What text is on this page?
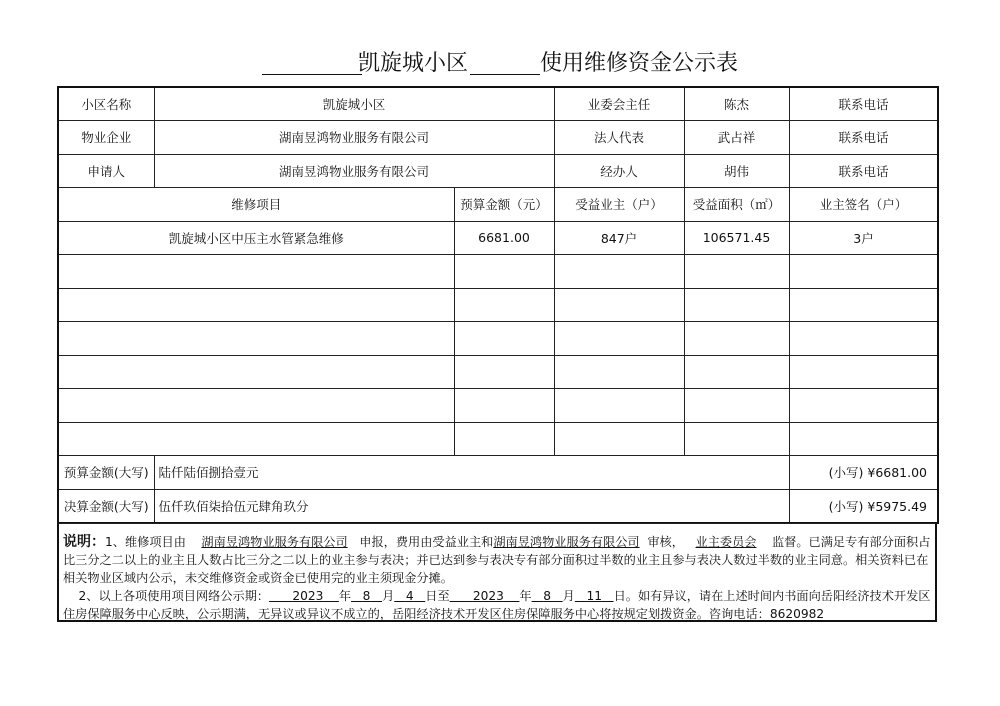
凯旋城小区	使用维修资金公示表
小区名称	凯旋城小区		业委会主任	陈杰	联系电话	
物业企业	湖南昱鸿物业服务有限公司		法人代表	武占祥	联系电话	
申请人	湖南昱鸿物业服务有限公司		经办人	胡伟	联系电话	
维修项目		预算金额（元）	受益业主（户）	受益面积（㎡）	业主签名（户）	
凯旋城小区中压主水管紧急维修		6681.00	847户	106571.45	3户	

预算金额(大写)	陆仟陆佰捌拾壹元				(小写) ¥6681.00	
决算金额(大写)	伍仟玖佰柒拾伍元肆角玖分				(小写) ¥5975.49	
说明：1、维修项目由 湖南昱鸿物业服务有限公司 申报，费用由受益业主和湖南昱鸿物业服务有限公司 审核， 业主委员会 监督。已满足专有部分面积占比三分之二以上的业主且人数占比三分之二以上的业主参与表决；并已达到参与表决专有部分面积过半数的业主且参与表决人数过半数的业主同意。相关资料已在相关物业区域内公示，未交维修资金或资金已使用完的业主须现金分摊。
2、以上各项使用项目网络公示期： 2023 年 8 月 4 日至 2023 年 8 月 11 日。如有异议，请在上述时间内书面向岳阳经济技术开发区住房保障服务中心反映，公示期满，无异议或异议不成立的，岳阳经济技术开发区住房保障服务中心将按规定划拨资金。咨询电话：8620982
